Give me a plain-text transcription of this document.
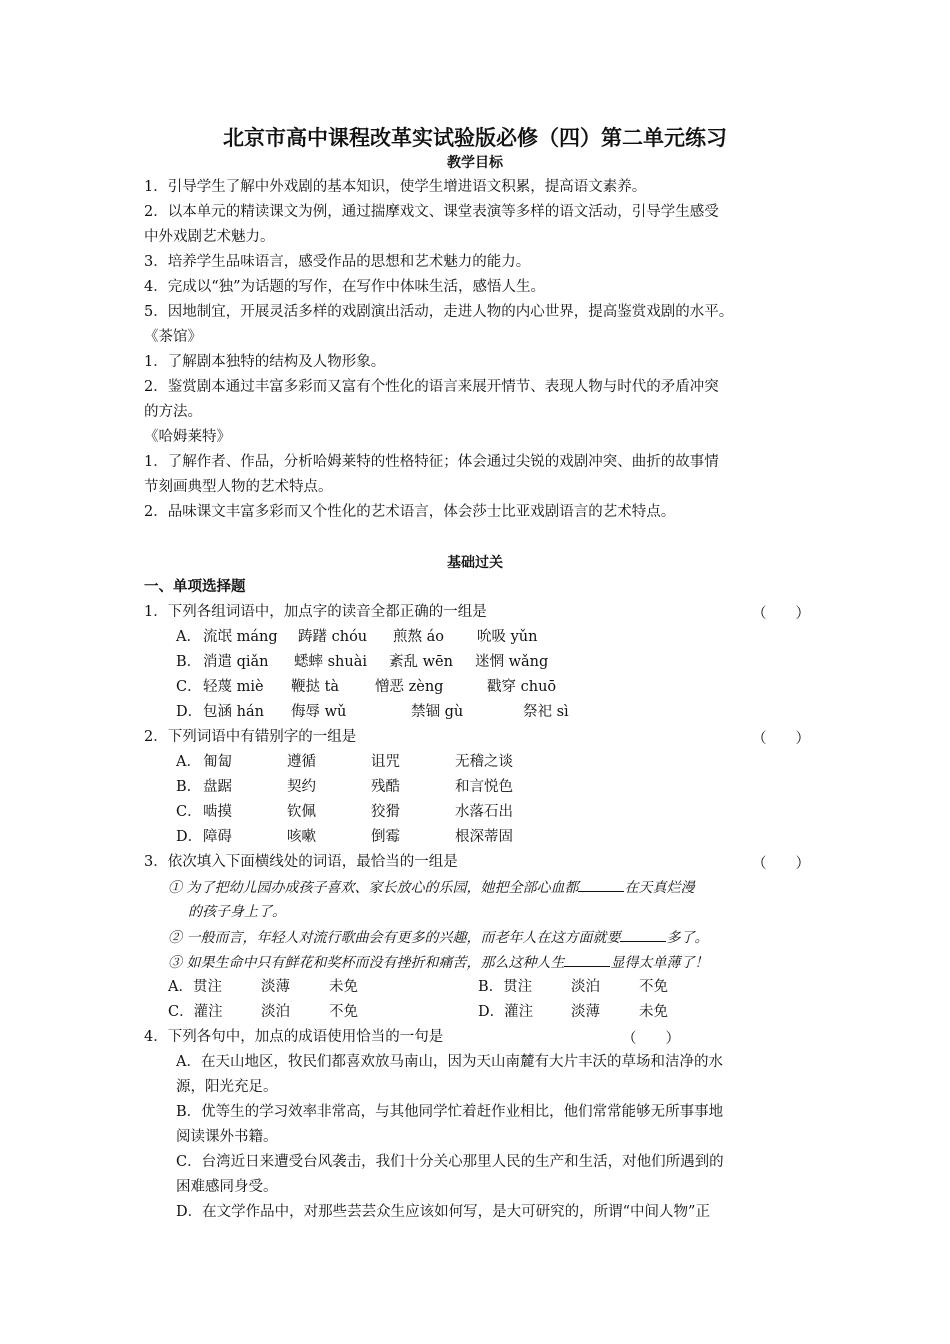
北京市高中课程改革实试验版必修（四）第二单元练习
教学目标
1．引导学生了解中外戏剧的基本知识，使学生增进语文积累，提高语文素养。
2．以本单元的精读课文为例，通过揣摩戏文、课堂表演等多样的语文活动，引导学生感受
中外戏剧艺术魅力。
3．培养学生品味语言，感受作品的思想和艺术魅力的能力。
4．完成以“独”为话题的写作，在写作中体味生活，感悟人生。
5．因地制宜，开展灵活多样的戏剧演出活动，走进人物的内心世界，提高鉴赏戏剧的水平。
《茶馆》
1．了解剧本独特的结构及人物形象。
2．鉴赏剧本通过丰富多彩而又富有个性化的语言来展开情节、表现人物与时代的矛盾冲突
的方法。
《哈姆莱特》
1．了解作者、作品，分析哈姆莱特的性格特征；体会通过尖锐的戏剧冲突、曲折的故事情
节刻画典型人物的艺术特点。
2．品味课文丰富多彩而又个性化的艺术语言，体会莎士比亚戏剧语言的艺术特点。
基础过关
一、单项选择题
1．下列各组词语中，加点字的读音全都正确的一组是	（　　）
A． 流氓 máng 踌躇 chóu 煎熬 áo 吮吸 yǔn
B． 消遣 qiǎn 蟋蟀 shuài 紊乱 wēn 迷惘 wǎng
C． 轻蔑 miè 鞭挞 tà 憎恶 zèng	戳穿 chuō
D． 包涵 hán 侮辱 wǔ	禁锢 gù	祭祀 sì
2．下列词语中有错别字的一组是	（　　）
A． 匍匐	遵循	诅咒	无稽之谈
B． 盘踞	契约	残酷	和言悦色
C． 啮摸	钦佩	狡猾	水落石出
D． 障碍	咳嗽	倒霉	根深蒂固
3．依次填入下面横线处的词语，最恰当的一组是	（　　）
① 为了把幼儿园办成孩子喜欢、家长放心的乐园，她把全部心血都	在天真烂漫
的孩子身上了。
② 一般而言，年轻人对流行歌曲会有更多的兴趣，而老年人在这方面就要	多了。
③ 如果生命中只有鲜花和奖杯而没有挫折和痛苦，那么这种人生	显得太单薄了！
A．贯注	淡薄	未免	B．贯注	淡泊	不免
C．灌注	淡泊	不免	D．灌注	淡薄	未免
4．下列各句中，加点的成语使用恰当的一句是	（　　）
A．在天山地区，牧民们都喜欢放马南山，因为天山南麓有大片丰沃的草场和洁净的水
源，阳光充足。
B．优等生的学习效率非常高，与其他同学忙着赶作业相比，他们常常能够无所事事地
阅读课外书籍。
C．台湾近日来遭受台风袭击，我们十分关心那里人民的生产和生活，对他们所遇到的
困难感同身受。
D．在文学作品中，对那些芸芸众生应该如何写，是大可研究的，所谓“中间人物”正
